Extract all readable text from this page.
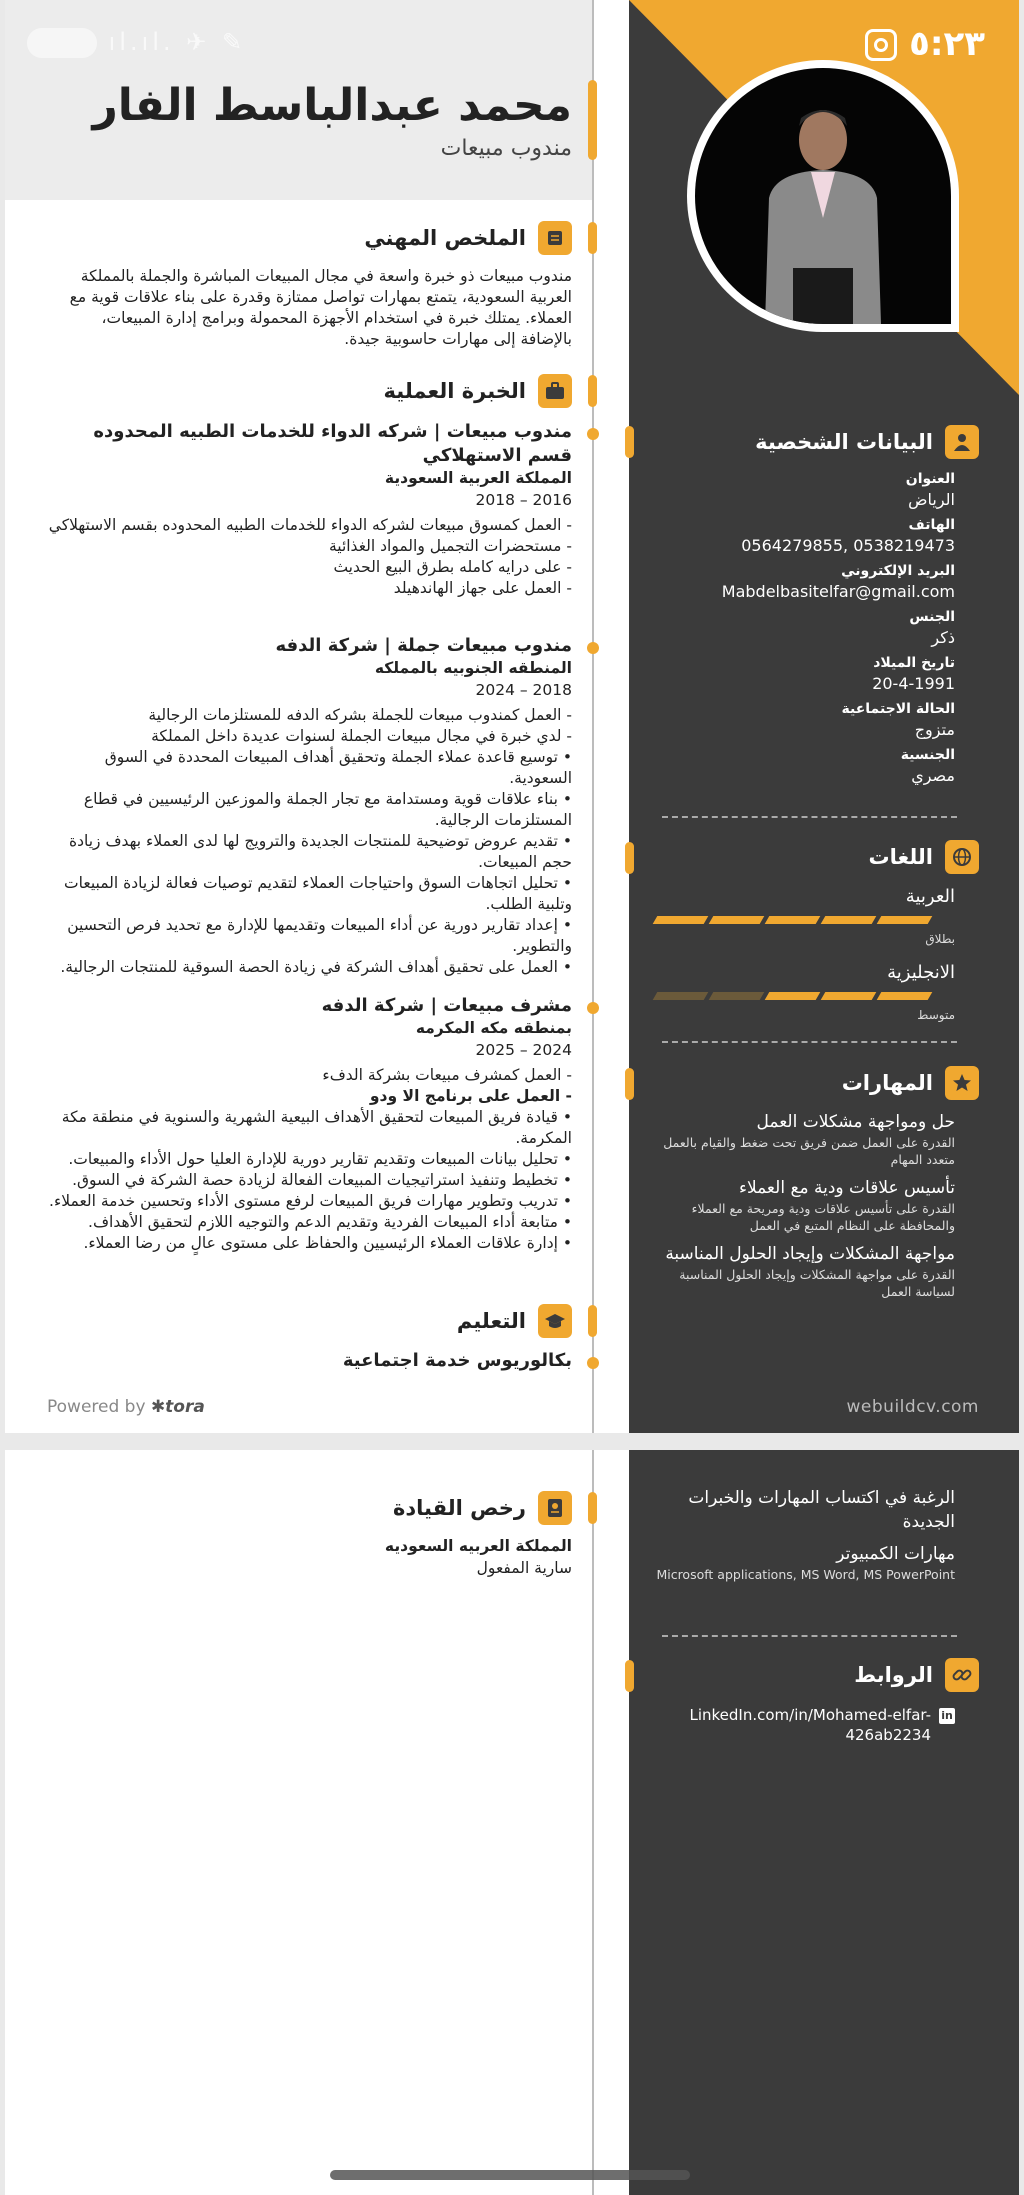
البيانات الشخصية
العنوان
الرياض
الهاتف
0538219473 ,0564279855
البريد الإلكتروني
Mabdelbasitelfar@gmail.com
الجنس
ذكر
تاريخ الميلاد
20-4-1991
الحالة الاجتماعية
متزوج
الجنسية
مصري
اللغات
العربية
بطلاق
الانجليزية
متوسط
المهارات
حل ومواجهة مشكلات العمل
القدرة على العمل ضمن فريق تحت ضغط والقيام بالعمل متعدد المهام
تأسيس علاقات ودية مع العملاء
القدرة على تأسيس علاقات ودية ومريحة مع العملاء والمحافظة على النظام المتبع في العمل
مواجهة المشكلات وإيجاد الحلول المناسبة
القدرة على مواجهة المشكلات وإيجاد الحلول المناسبة لسياسة العمل
webuildcv.com
محمد عبدالباسط الفار
مندوب مبيعات
الملخص المهني
مندوب مبيعات ذو خبرة واسعة في مجال المبيعات المباشرة والجملة بالمملكة العربية السعودية، يتمتع بمهارات تواصل ممتازة وقدرة على بناء علاقات قوية مع العملاء. يمتلك خبرة في استخدام الأجهزة المحمولة وبرامج إدارة المبيعات، بالإضافة إلى مهارات حاسوبية جيدة.
الخبرة العملية
مندوب مبيعات | شركه الدواء للخدمات الطبيه المحدوده قسم الاستهلاكي
المملكة العربية السعودية
2016 – 2018
- العمل كمسوق مبيعات لشركه الدواء للخدمات الطبيه المحدوده بقسم الاستهلاكي
- مستحضرات التجميل والمواد الغذائية
- على درايه كامله بطرق البيع الحديث
- العمل على جهاز الهاندهيلد
مندوب مبيعات جملة | شركة الدفه
المنطقه الجنوبيه بالمملكه
2018 – 2024
- العمل كمندوب مبيعات للجملة بشركه الدفه للمستلزمات الرجالية
- لدي خبرة في مجال مبيعات الجملة لسنوات عديدة داخل المملكة
• توسيع قاعدة عملاء الجملة وتحقيق أهداف المبيعات المحددة في السوق السعودية.
• بناء علاقات قوية ومستدامة مع تجار الجملة والموزعين الرئيسيين في قطاع المستلزمات الرجالية.
• تقديم عروض توضيحية للمنتجات الجديدة والترويج لها لدى العملاء بهدف زيادة حجم المبيعات.
• تحليل اتجاهات السوق واحتياجات العملاء لتقديم توصيات فعالة لزيادة المبيعات وتلبية الطلب.
• إعداد تقارير دورية عن أداء المبيعات وتقديمها للإدارة مع تحديد فرص التحسين والتطوير.
• العمل على تحقيق أهداف الشركة في زيادة الحصة السوقية للمنتجات الرجالية.
مشرف مبيعات | شركة الدفه
بمنطقه مكه المكرمه
2024 – 2025
- العمل كمشرف مبيعات بشركة الدفء
- العمل على برنامج الا ودو
• قيادة فريق المبيعات لتحقيق الأهداف البيعية الشهرية والسنوية في منطقة مكة المكرمة.
• تحليل بيانات المبيعات وتقديم تقارير دورية للإدارة العليا حول الأداء والمبيعات.
• تخطيط وتنفيذ استراتيجيات المبيعات الفعالة لزيادة حصة الشركة في السوق.
• تدريب وتطوير مهارات فريق المبيعات لرفع مستوى الأداء وتحسين خدمة العملاء.
• متابعة أداء المبيعات الفردية وتقديم الدعم والتوجيه اللازم لتحقيق الأهداف.
• إدارة علاقات العملاء الرئيسيين والحفاظ على مستوى عالٍ من رضا العملاء.
التعليم
بكالوريوس خدمة اجتماعية
Powered by ✱tora
ıl.ıl. ✈ ✎	٥:٢٣
الرغبة في اكتساب المهارات والخبرات الجديدة
مهارات الكمبيوتر
Microsoft applications, MS Word, MS PowerPoint
الروابط
in
LinkedIn.com/in/Mohamed-elfar-426ab2234
رخص القيادة
المملكة العربيه السعوديه
سارية المفعول
